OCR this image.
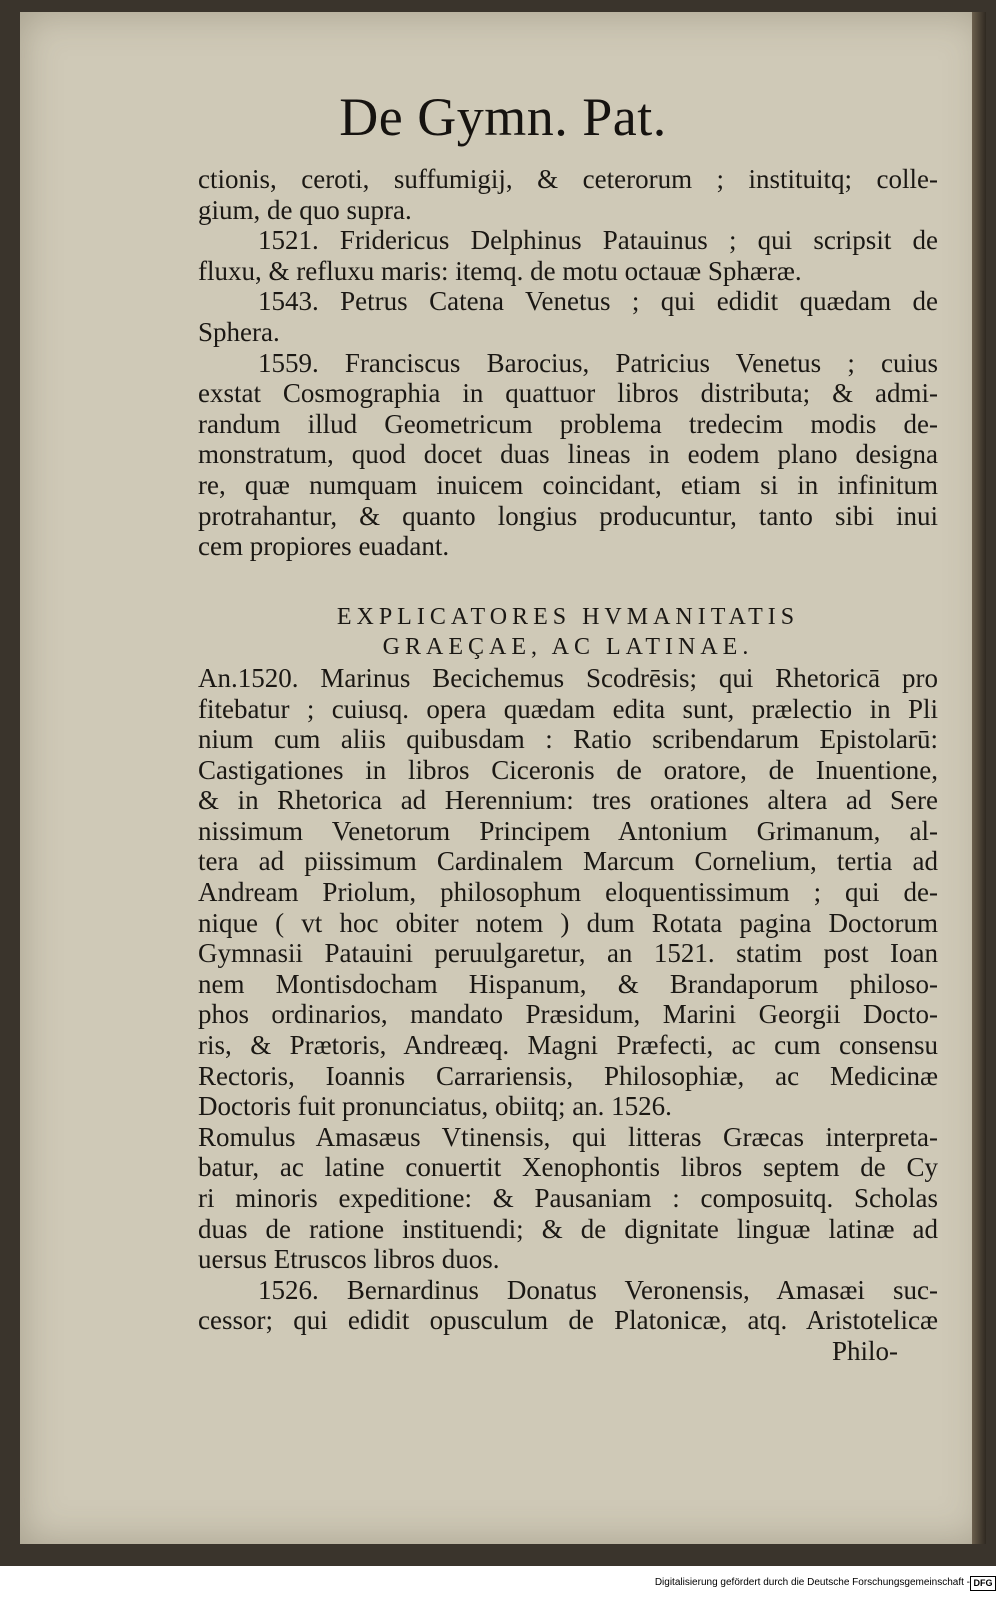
De Gymn. Pat.
ctionis, ceroti, suffumigij, & ceterorum ; instituitq; colle-
gium, de quo supra.
1521. Fridericus Delphinus Patauinus ; qui scripsit de
fluxu, & refluxu maris: itemq. de motu octauæ Sphæræ.
1543. Petrus Catena Venetus ; qui edidit quædam de
Sphera.
1559. Franciscus Barocius, Patricius Venetus ; cuius
exstat Cosmographia in quattuor libros distributa; & admi-
randum illud Geometricum problema tredecim modis de-
monstratum, quod docet duas lineas in eodem plano designa
re, quæ numquam inuicem coincidant, etiam si in infinitum
protrahantur, & quanto longius producuntur, tanto sibi inui
cem propiores euadant.
EXPLICATORES HVMANITATIS
GRAEÇAE, AC LATINAE.
An.1520. Marinus Becichemus Scodrēsis; qui Rhetoricā pro
fitebatur ; cuiusq. opera quædam edita sunt, prælectio in Pli
nium cum aliis quibusdam : Ratio scribendarum Epistolarū:
Castigationes in libros Ciceronis de oratore, de Inuentione,
& in Rhetorica ad Herennium: tres orationes altera ad Sere
nissimum Venetorum Principem Antonium Grimanum, al-
tera ad piissimum Cardinalem Marcum Cornelium, tertia ad
Andream Priolum, philosophum eloquentissimum ; qui de-
nique ( vt hoc obiter notem ) dum Rotata pagina Doctorum
Gymnasii Patauini peruulgaretur, an 1521. statim post Ioan
nem Montisdocham Hispanum, & Brandaporum philoso-
phos ordinarios, mandato Præsidum, Marini Georgii Docto-
ris, & Prætoris, Andreæq. Magni Præfecti, ac cum consensu
Rectoris, Ioannis Carrariensis, Philosophiæ, ac Medicinæ
Doctoris fuit pronunciatus, obiitq; an. 1526.
Romulus Amasæus Vtinensis, qui litteras Græcas interpreta-
batur, ac latine conuertit Xenophontis libros septem de Cy
ri minoris expeditione: & Pausaniam : composuitq. Scholas
duas de ratione instituendi; & de dignitate linguæ latinæ ad
uersus Etruscos libros duos.
1526. Bernardinus Donatus Veronensis, Amasæi suc-
cessor; qui edidit opusculum de Platonicæ, atq. Aristotelicæ
Philo-
Digitalisierung gefördert durch die Deutsche Forschungsgemeinschaft - DFG
